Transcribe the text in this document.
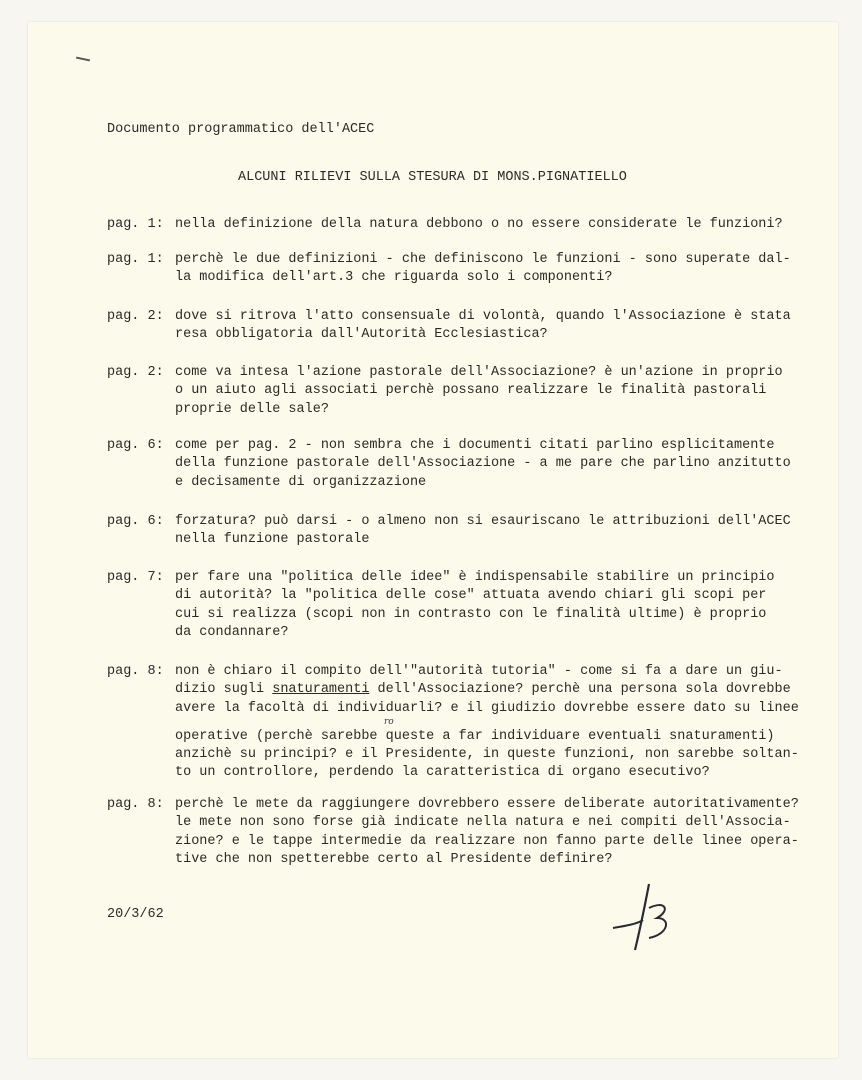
Documento programmatico dell'ACEC
ALCUNI RILIEVI SULLA STESURA DI MONS.PIGNATIELLO
pag. 1: nella definizione della natura debbono o no essere considerate le funzioni?
pag. 1: perchè le due definizioni - che definiscono le funzioni - sono superate dal-
la modifica dell'art.3 che riguarda solo i componenti?
pag. 2: dove si ritrova l'atto consensuale di volontà, quando l'Associazione è stata
resa obbligatoria dall'Autorità Ecclesiastica?
pag. 2: come va intesa l'azione pastorale dell'Associazione? è un'azione in proprio
o un aiuto agli associati perchè possano realizzare le finalità pastorali
proprie delle sale?
pag. 6: come per pag. 2 - non sembra che i documenti citati parlino esplicitamente
della funzione pastorale dell'Associazione - a me pare che parlino anzitutto
e decisamente di organizzazione
pag. 6: forzatura? può darsi - o almeno non si esauriscano le attribuzioni dell'ACEC
nella funzione pastorale
pag. 7: per fare una "politica delle idee" è indispensabile stabilire un principio
di autorità? la "politica delle cose" attuata avendo chiari gli scopi per
cui si realizza (scopi non in contrasto con le finalità ultime) è proprio
da condannare?
pag. 8: non è chiaro il compito dell'"autorità tutoria" - come si fa a dare un giu-
dizio sugli snaturamenti dell'Associazione? perchè una persona sola dovrebbe
avere la facoltà di individuarli? e il giudizio dovrebbe essere dato su linee
operative (perchè sarebbe queste a far individuare eventuali snaturamenti)
anzichè su principi? e il Presidente, in queste funzioni, non sarebbe soltan-
to un controllore, perdendo la caratteristica di organo esecutivo?
pag. 8: perchè le mete da raggiungere dovrebbero essere deliberate autoritativamente?
le mete non sono forse già indicate nella natura e nei compiti dell'Associa-
zione? e le tappe intermedie da realizzare non fanno parte delle linee opera-
tive che non spetterebbe certo al Presidente definire?
ro
20/3/62
